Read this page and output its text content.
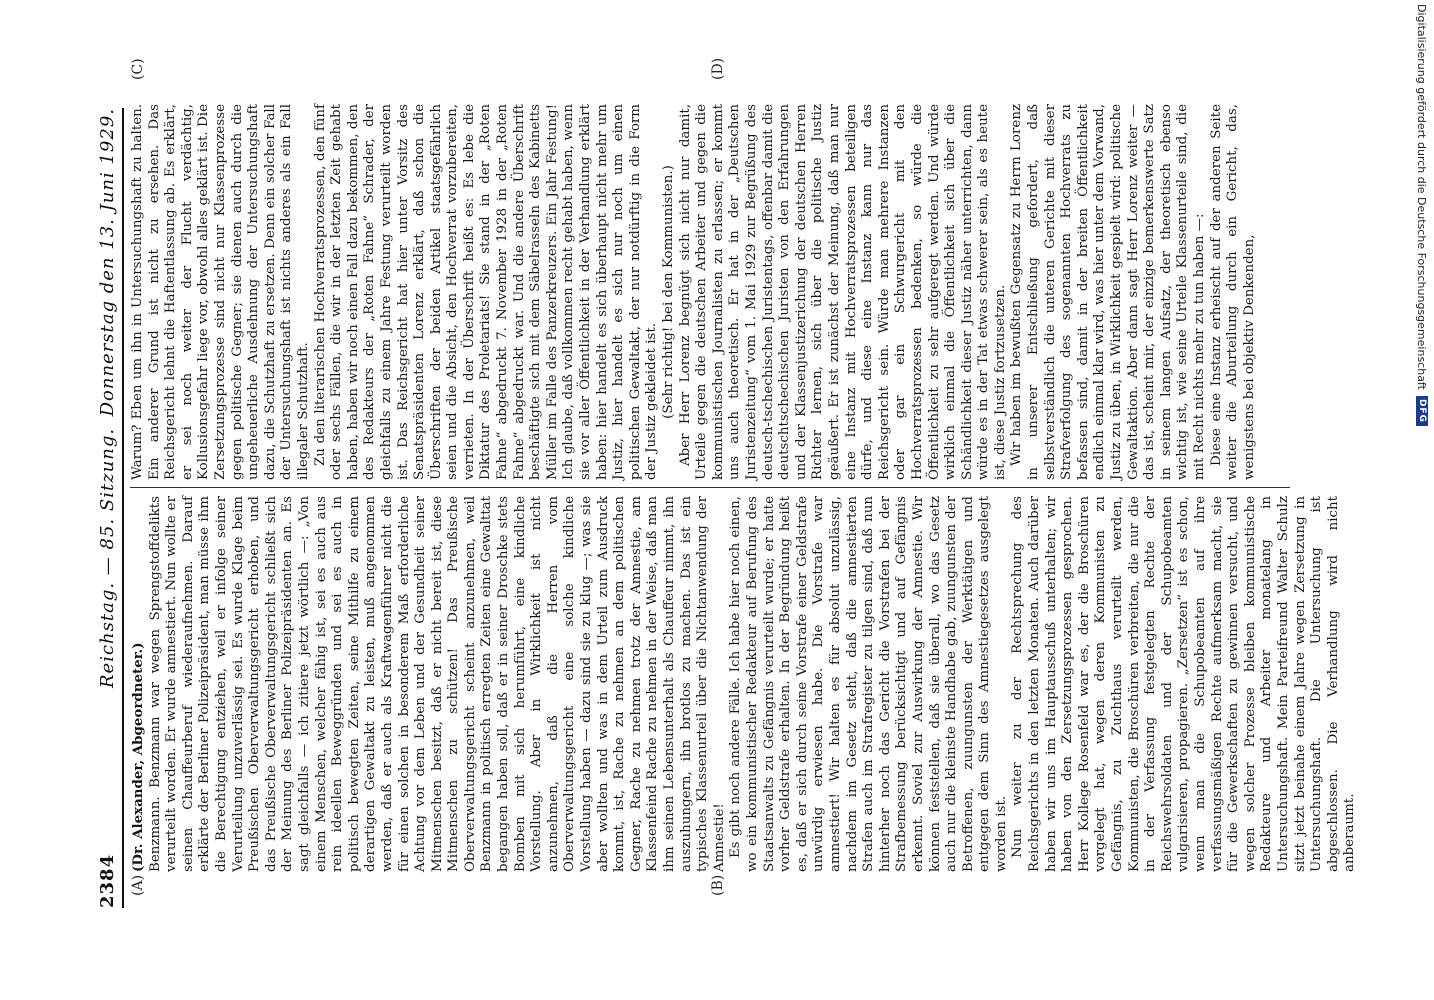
2384
Reichstag. — 85. Sitzung.
Donnerstag den 13. Juni 1929.
(A)	(B)
(C)	(D)

(Dr. Alexander, Abgeordneter.) Benzmann. Benzmann war wegen Sprengstoffdelikts verurteilt worden. Er wurde amnestiert. Nun wollte er seinen Chauffeurberuf wiederaufnehmen. Darauf erklärte der Berliner Polizeipräsident, man müsse ihm die Berechtigung entziehen, weil er infolge seiner Verurteilung unzuverlässig sei. Es wurde Klage beim Preußischen Oberverwaltungsgericht erhoben, und das Preußische Oberverwaltungsgericht schließt sich der Meinung des Berliner Polizeipräsidenten an. Es sagt gleichfalls — ich zitiere jetzt wörtlich —: „Von einem Menschen, welcher fähig ist, sei es auch aus rein ideellen Beweggründen und sei es auch in politisch bewegten Zeiten, seine Mithilfe zu einem derartigen Gewaltakt zu leisten, muß angenommen werden, daß er auch als Kraftwagenführer nicht die für einen solchen in besonderem Maß erforderliche Achtung vor dem Leben und der Gesundheit seiner Mitmenschen besitzt, daß er nicht bereit ist, diese Mitmenschen zu schützen! Das Preußische Oberverwaltungsgericht scheint anzunehmen, weil Benzmann in politisch erregten Zeiten eine Gewalttat begangen haben soll, daß er in seiner Droschke stets Bomben mit sich herumführt, eine kindliche Vorstellung. Aber in Wirklichkeit ist nicht anzunehmen, daß die Herren vom Oberverwaltungsgericht eine solche kindliche Vorstellung haben — dazu sind sie zu klug —; was sie aber wollten und was in dem Urteil zum Ausdruck kommt, ist, Rache zu nehmen an dem politischen Gegner, Rache zu nehmen trotz der Amnestie, am Klassenfeind Rache zu nehmen in der Weise, daß man ihm seinen Lebensunterhalt als Chauffeur nimmt, ihn auszuhungern, ihn brotlos zu machen. Das ist ein typisches Klassenurteil über die Nichtanwendung der Amnestie! Es gibt noch andere Fälle. Ich habe hier noch einen, wo ein kommunistischer Redakteur auf Berufung des Staatsanwalts zu Gefängnis verurteilt wurde; er hatte vorher Geldstrafe erhalten. In der Begründung heißt es, daß er sich durch seine Vorstrafe einer Geldstrafe unwürdig erwiesen habe. Die Vorstrafe war amnestiert! Wir halten es für absolut unzulässig, nachdem im Gesetz steht, daß die amnestierten Strafen auch im Strafregister zu tilgen sind, daß nun hinterher noch das Gericht die Vorstrafen bei der Strafbemessung berücksichtigt und auf Gefängnis erkennt. Soviel zur Auswirkung der Amnestie. Wir können feststellen, daß sie überall, wo das Gesetz auch nur die kleinste Handhabe gab, zuungunsten der Betroffenen, zuungunsten der Werktätigen und entgegen dem Sinn des Amnestiegesetzes ausgelegt worden ist. Nun weiter zu der Rechtsprechung des Reichsgerichts in den letzten Monaten. Auch darüber haben wir uns im Hauptausschuß unterhalten; wir haben von den Zersetzungsprozessen gesprochen. Herr Kollege Rosenfeld war es, der die Broschüren vorgelegt hat, wegen deren Kommunisten zu Gefängnis, zu Zuchthaus verurteilt werden, Kommunisten, die Broschüren verbreiten, die nur die in der Verfassung festgelegten Rechte der Reichswehrsoldaten und der Schupobeamten vulgarisieren, propagieren. „Zersetzen“ ist es schon, wenn man die Schupobeamten auf ihre verfassungsmäßigen Rechte aufmerksam macht, sie für die Gewerkschaften zu gewinnen versucht, und wegen solcher Prozesse bleiben kommunistische Redakteure und Arbeiter monatelang in Untersuchungshaft. Mein Parteifreund Walter Schulz sitzt jetzt beinahe einem Jahre wegen Zersetzung in Untersuchungshaft. Die Untersuchung ist abgeschlossen. Die Verhandlung wird nicht anberaumt.

Warum? Eben um ihn in Untersuchungshaft zu halten. Ein anderer Grund ist nicht zu ersehen. Das Reichsgericht lehnt die Haftentlassung ab. Es erklärt, er sei noch weiter der Flucht verdächtig, Kollusionsgefahr liege vor, obwohl alles geklärt ist. Die Zersetzungsprozesse sind nicht nur Klassenprozesse gegen politische Gegner; sie dienen auch durch die ungeheuerliche Ausdehnung der Untersuchungshaft dazu, die Schutzhaft zu ersetzen. Denn ein solcher Fall der Untersuchungshaft ist nichts anderes als ein Fall illegaler Schutzhaft. Zu den literarischen Hochverratsprozessen, den fünf oder sechs Fällen, die wir in der letzten Zeit gehabt haben, haben wir noch einen Fall dazu bekommen, den des Redakteurs der „Roten Fahne“ Schrader, der gleichfalls zu einem Jahre Festung verurteilt worden ist. Das Reichsgericht hat hier unter Vorsitz des Senatspräsidenten Lorenz erklärt, daß schon die Überschriften der beiden Artikel staatsgefährlich seien und die Absicht, den Hochverrat vorzubereiten, verrieten. In der Überschrift heißt es: Es lebe die Diktatur des Proletariats! Sie stand in der „Roten Fahne“ abgedruckt 7. November 1928 in der „Roten Fahne“ abgedruckt war. Und die andere Überschrift beschäftigte sich mit dem Säbelrasseln des Kabinetts Müller im Falle des Panzerkreuzers. Ein Jahr Festung! Ich glaube, daß vollkommen recht gehabt haben, wenn sie vor aller Öffentlichkeit in der Verhandlung erklärt haben: hier handelt es sich überhaupt nicht mehr um Justiz, hier handelt es sich nur noch um einen politischen Gewaltakt, der nur notdürftig in die Form der Justiz gekleidet ist. (Sehr richtig! bei den Kommunisten.) Aber Herr Lorenz begnügt sich nicht nur damit, Urteile gegen die deutschen Arbeiter und gegen die kommunistischen Journalisten zu erlassen; er kommt uns auch theoretisch. Er hat in der „Deutschen Juristenzeitung“ vom 1. Mai 1929 zur Begrüßung des deutsch-tschechischen Juristentags, offenbar damit die deutschtschechischen Juristen von den Erfahrungen und der Klassenjustizerichung der deutschen Herren Richter lernen, sich über die politische Justiz geäußert. Er ist zunächst der Meinung, daß man nur eine Instanz mit Hochverratsprozessen beteiligen dürfe, und diese eine Instanz kann nur das Reichsgericht sein. Würde man mehrere Instanzen oder gar ein Schwurgericht mit den Hochverratsprozessen bedenken, so würde die Öffentlichkeit zu sehr aufgeregt werden. Und würde wirklich einmal die Öffentlichkeit sich über die Schändlichkeit dieser Justiz näher unterrichten, dann würde es in der Tat etwas schwerer sein, als es heute ist, diese Justiz fortzusetzen. Wir haben im bewußten Gegensatz zu Herrn Lorenz in unserer Entschließung gefordert, daß selbstverständlich die unteren Gerichte mit dieser Strafverfolgung des sogenannten Hochverrats zu befassen sind, damit in der breiten Öffentlichkeit endlich einmal klar wird, was hier unter dem Vorwand, Justiz zu üben, in Wirklichkeit gespielt wird: politische Gewaltaktion. Aber dann sagt Herr Lorenz weiter — das ist, scheint mir, der einzige bemerkenswerte Satz in seinem langen Aufsatz, der theoretisch ebenso wichtig ist, wie seine Urteile Klassenurteile sind, die mit Recht nichts mehr zu tun haben —: Diese eine Instanz erheischt auf der anderen Seite weiter die Aburteilung durch ein Gericht, das, wenigstens bei objektiv Denkenden,	Digitalisierung gefördert durch die Deutsche Forschungsgemeinschaft
DFG
